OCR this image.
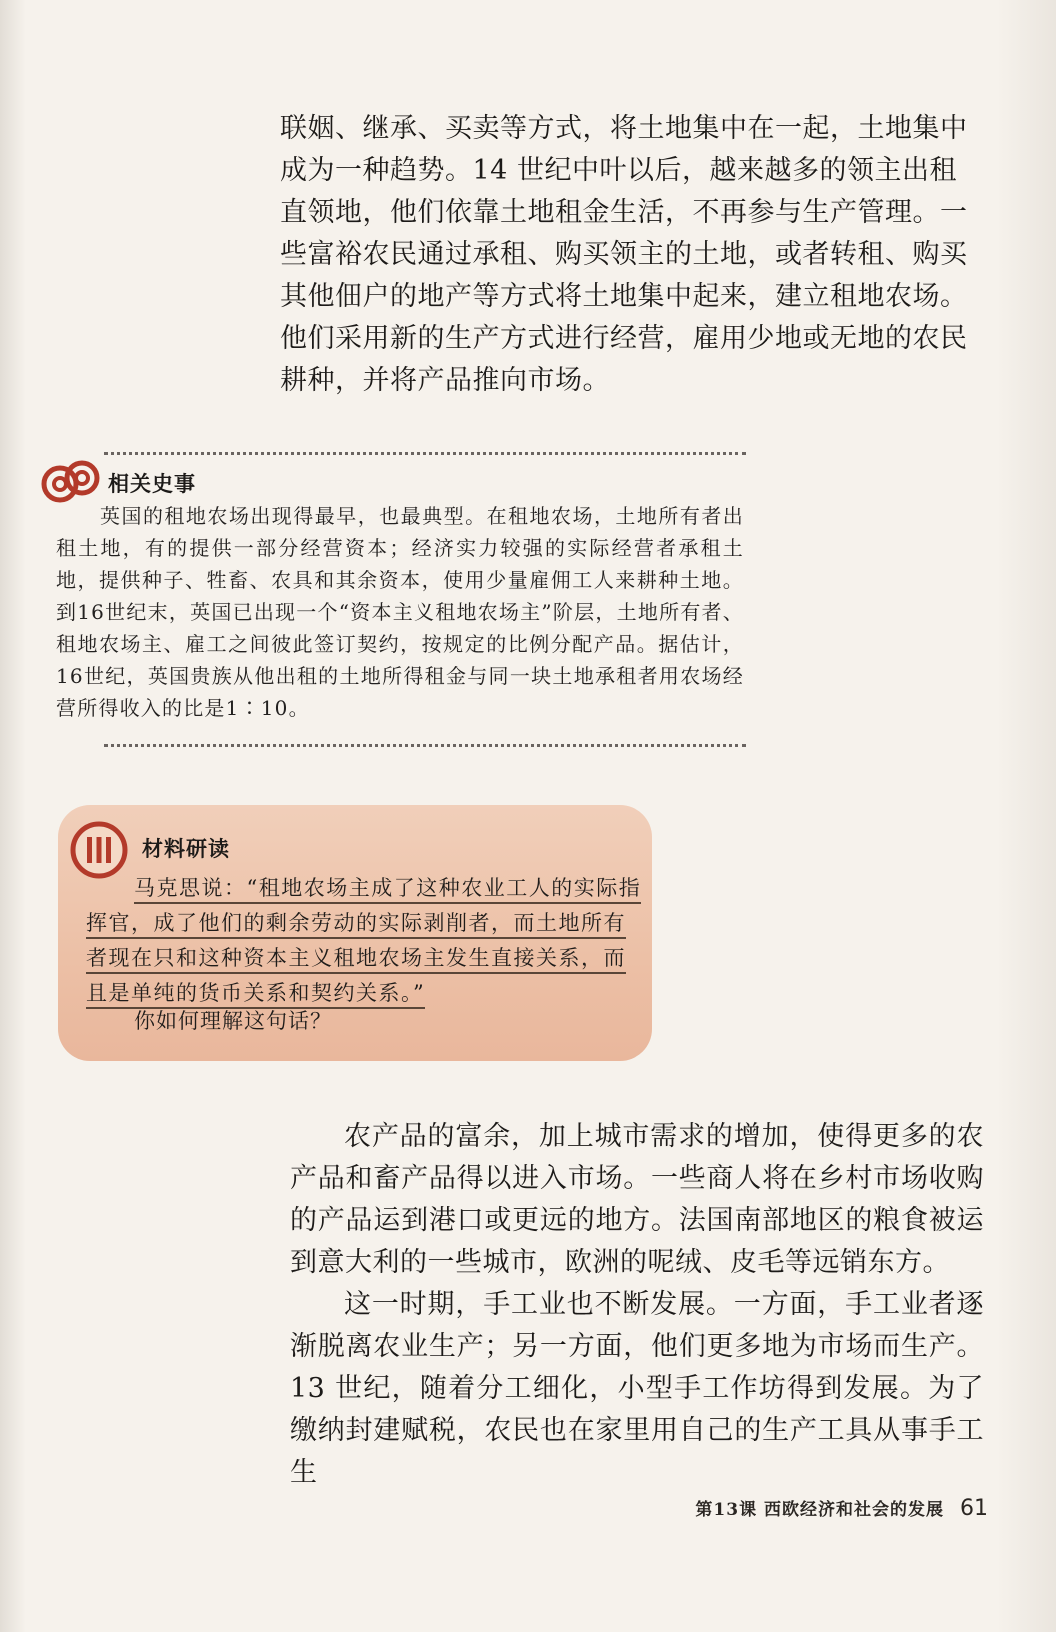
联姻、继承、买卖等方式，将土地集中在一起，土地集中成为一种趋势。14 世纪中叶以后，越来越多的领主出租直领地，他们依靠土地租金生活，不再参与生产管理。一些富裕农民通过承租、购买领主的土地，或者转租、购买其他佃户的地产等方式将土地集中起来，建立租地农场。他们采用新的生产方式进行经营，雇用少地或无地的农民耕种，并将产品推向市场。

相关史事
英国的租地农场出现得最早，也最典型。在租地农场，土地所有者出租土地，有的提供一部分经营资本；经济实力较强的实际经营者承租土地，提供种子、牲畜、农具和其余资本，使用少量雇佣工人来耕种土地。到16世纪末，英国已出现一个“资本主义租地农场主”阶层，土地所有者、租地农场主、雇工之间彼此签订契约，按规定的比例分配产品。据估计，16世纪，英国贵族从他出租的土地所得租金与同一块土地承租者用农场经营所得收入的比是1∶10。
材料研读
马克思说：“租地农场主成了这种农业工人的实际指挥官，成了他们的剩余劳动的实际剥削者，而土地所有者现在只和这种资本主义租地农场主发生直接关系，而且是单纯的货币关系和契约关系。”
你如何理解这句话？

农产品的富余，加上城市需求的增加，使得更多的农产品和畜产品得以进入市场。一些商人将在乡村市场收购的产品运到港口或更远的地方。法国南部地区的粮食被运到意大利的一些城市，欧洲的呢绒、皮毛等远销东方。

这一时期，手工业也不断发展。一方面，手工业者逐渐脱离农业生产；另一方面，他们更多地为市场而生产。13 世纪，随着分工细化，小型手工作坊得到发展。为了缴纳封建赋税，农民也在家里用自己的生产工具从事手工生

第13课 西欧经济和社会的发展 61
